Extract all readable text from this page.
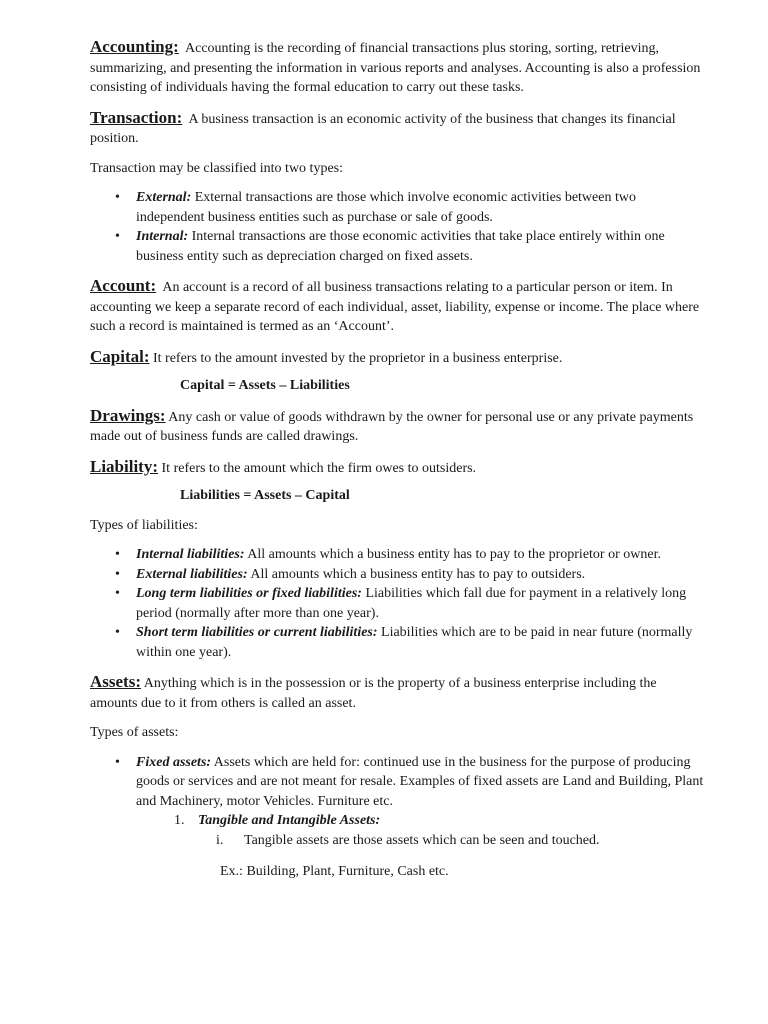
Accounting: Accounting is the recording of financial transactions plus storing, sorting, retrieving, summarizing, and presenting the information in various reports and analyses. Accounting is also a profession consisting of individuals having the formal education to carry out these tasks.

Transaction: A business transaction is an economic activity of the business that changes its financial position.

Transaction may be classified into two types:

• External: External transactions are those which involve economic activities between two independent business entities such as purchase or sale of goods.
• Internal: Internal transactions are those economic activities that take place entirely within one business entity such as depreciation charged on fixed assets.

Account: An account is a record of all business transactions relating to a particular person or item. In accounting we keep a separate record of each individual, asset, liability, expense or income. The place where such a record is maintained is termed as an ‘Account’.

Capital: It refers to the amount invested by the proprietor in a business enterprise.

Capital = Assets – Liabilities

Drawings: Any cash or value of goods withdrawn by the owner for personal use or any private payments made out of business funds are called drawings.

Liability: It refers to the amount which the firm owes to outsiders.

Liabilities = Assets – Capital

Types of liabilities:

• Internal liabilities: All amounts which a business entity has to pay to the proprietor or owner.
• External liabilities: All amounts which a business entity has to pay to outsiders.
• Long term liabilities or fixed liabilities: Liabilities which fall due for payment in a relatively long period (normally after more than one year).
• Short term liabilities or current liabilities: Liabilities which are to be paid in near future (normally within one year).

Assets: Anything which is in the possession or is the property of a business enterprise including the amounts due to it from others is called an asset.

Types of assets:

• Fixed assets: Assets which are held for: continued use in the business for the purpose of producing goods or services and are not meant for resale. Examples of fixed assets are Land and Building, Plant and Machinery, motor Vehicles. Furniture etc.
1. Tangible and Intangible Assets:
i. Tangible assets are those assets which can be seen and touched.

Ex.: Building, Plant, Furniture, Cash etc.
